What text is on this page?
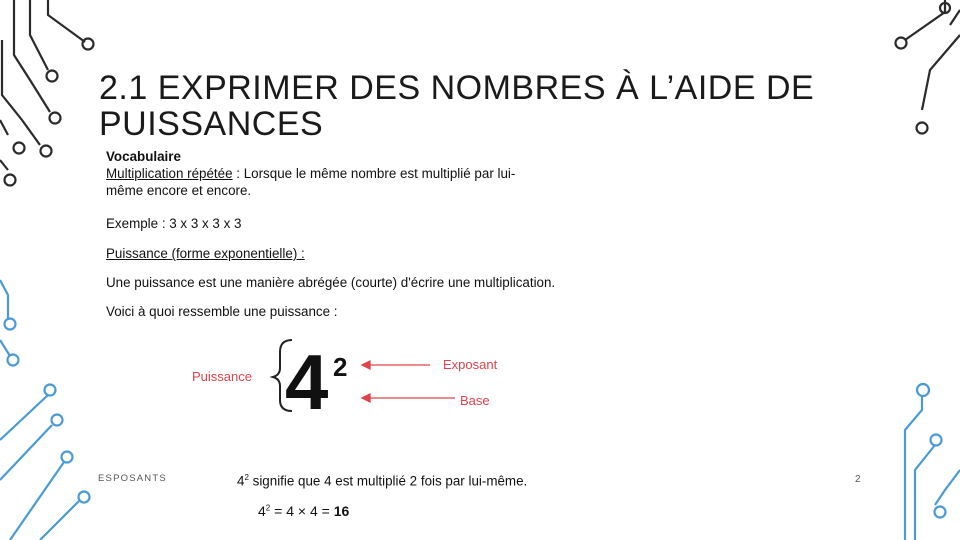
2.1 EXPRIMER DES NOMBRES À L’AIDE DE
PUISSANCES
Vocabulaire
Multiplication répétée : Lorsque le même nombre est multiplié par lui-
même encore et encore.
Exemple : 3 x 3 x 3 x 3
Puissance (forme exponentielle) :
Une puissance est une manière abrégée (courte) d'écrire une multiplication.
Voici à quoi ressemble une puissance :
Puissance 4 2	Exposant
Base
ESPOSANTS	2
$4^2$ signifie que 4 est multiplié 2 fois par lui-même.
$4^2 = 4 \times 4 = 16$
